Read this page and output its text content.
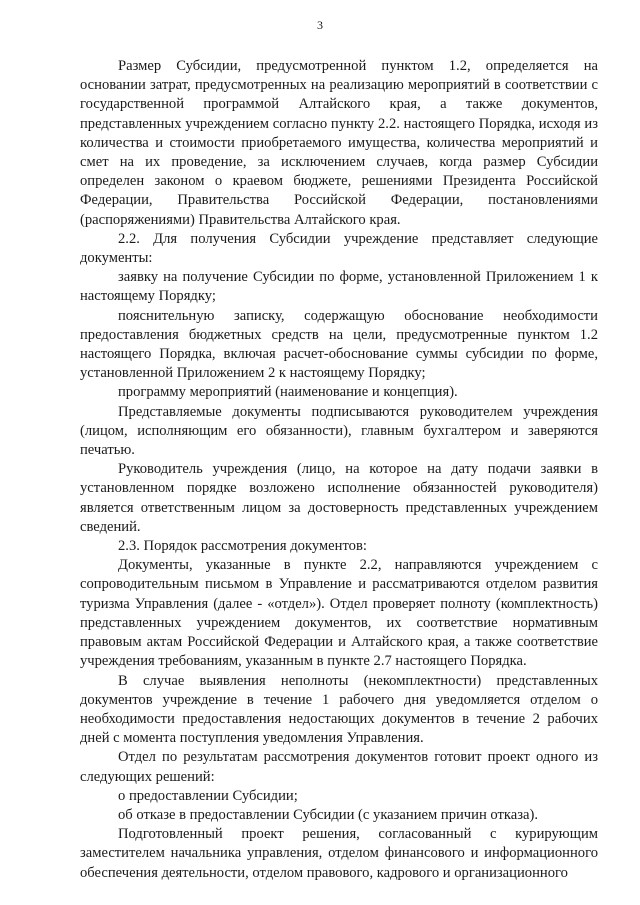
3

Размер Субсидии, предусмотренной пунктом 1.2, определяется на основании затрат, предусмотренных на реализацию мероприятий в соответствии с государственной программой Алтайского края, а также документов, представленных учреждением согласно пункту 2.2. настоящего Порядка, исходя из количества и стоимости приобретаемого имущества, количества мероприятий и смет на их проведение, за исключением случаев, когда размер Субсидии определен законом о краевом бюджете, решениями Президента Российской Федерации, Правительства Российской Федерации, постановлениями (распоряжениями) Правительства Алтайского края.

2.2. Для получения Субсидии учреждение представляет следующие документы:

заявку на получение Субсидии по форме, установленной Приложением 1 к настоящему Порядку;

пояснительную записку, содержащую обоснование необходимости предоставления бюджетных средств на цели, предусмотренные пунктом 1.2 настоящего Порядка, включая расчет-обоснование суммы субсидии по форме, установленной Приложением 2 к настоящему Порядку;

программу мероприятий (наименование и концепция).

Представляемые документы подписываются руководителем учреждения (лицом, исполняющим его обязанности), главным бухгалтером и заверяются печатью.

Руководитель учреждения (лицо, на которое на дату подачи заявки в установленном порядке возложено исполнение обязанностей руководителя) является ответственным лицом за достоверность представленных учреждением сведений.

2.3. Порядок рассмотрения документов:

Документы, указанные в пункте 2.2, направляются учреждением с сопроводительным письмом в Управление и рассматриваются отделом развития туризма Управления (далее - «отдел»). Отдел проверяет полноту (комплектность) представленных учреждением документов, их соответствие нормативным правовым актам Российской Федерации и Алтайского края, а также соответствие учреждения требованиям, указанным в пункте 2.7 настоящего Порядка.

В случае выявления неполноты (некомплектности) представленных документов учреждение в течение 1 рабочего дня уведомляется отделом о необходимости предоставления недостающих документов в течение 2 рабочих дней с момента поступления уведомления Управления.

Отдел по результатам рассмотрения документов готовит проект одного из следующих решений:

о предоставлении Субсидии;

об отказе в предоставлении Субсидии (с указанием причин отказа).

Подготовленный проект решения, согласованный с курирующим заместителем начальника управления, отделом финансового и информационного обеспечения деятельности, отделом правового, кадрового и организационного
